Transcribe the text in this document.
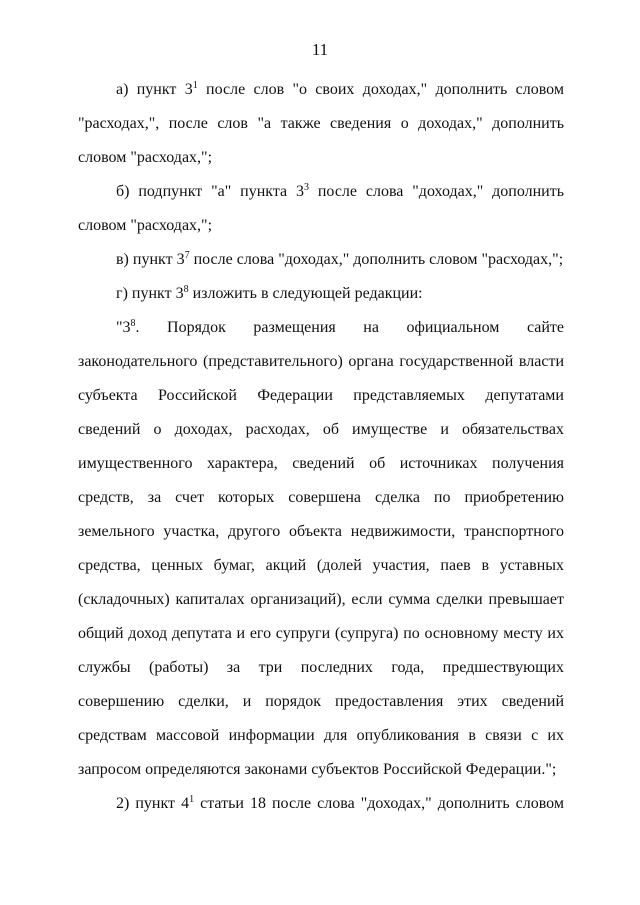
11

а) пункт $3^1$ после слов "о своих доходах," дополнить словом "расходах,", после слов "а также сведения о доходах," дополнить словом "расходах,";

б) подпункт "а" пункта $3^3$ после слова "доходах," дополнить словом "расходах,";

в) пункт $3^7$ после слова "доходах," дополнить словом "расходах,";

г) пункт $3^8$ изложить в следующей редакции:

"$3^8$. Порядок размещения на официальном сайте законодательного (представительного) органа государственной власти субъекта Российской Федерации представляемых депутатами сведений о доходах, расходах, об имуществе и обязательствах имущественного характера, сведений об источниках получения средств, за счет которых совершена сделка по приобретению земельного участка, другого объекта недвижимости, транспортного средства, ценных бумаг, акций (долей участия, паев в уставных (складочных) капиталах организаций), если сумма сделки превышает общий доход депутата и его супруги (супруга) по основному месту их службы (работы) за три последних года, предшествующих совершению сделки, и порядок предоставления этих сведений средствам массовой информации для опубликования в связи с их запросом определяются законами субъектов Российской Федерации.";

2) пункт $4^1$ статьи 18 после слова "доходах," дополнить словом
